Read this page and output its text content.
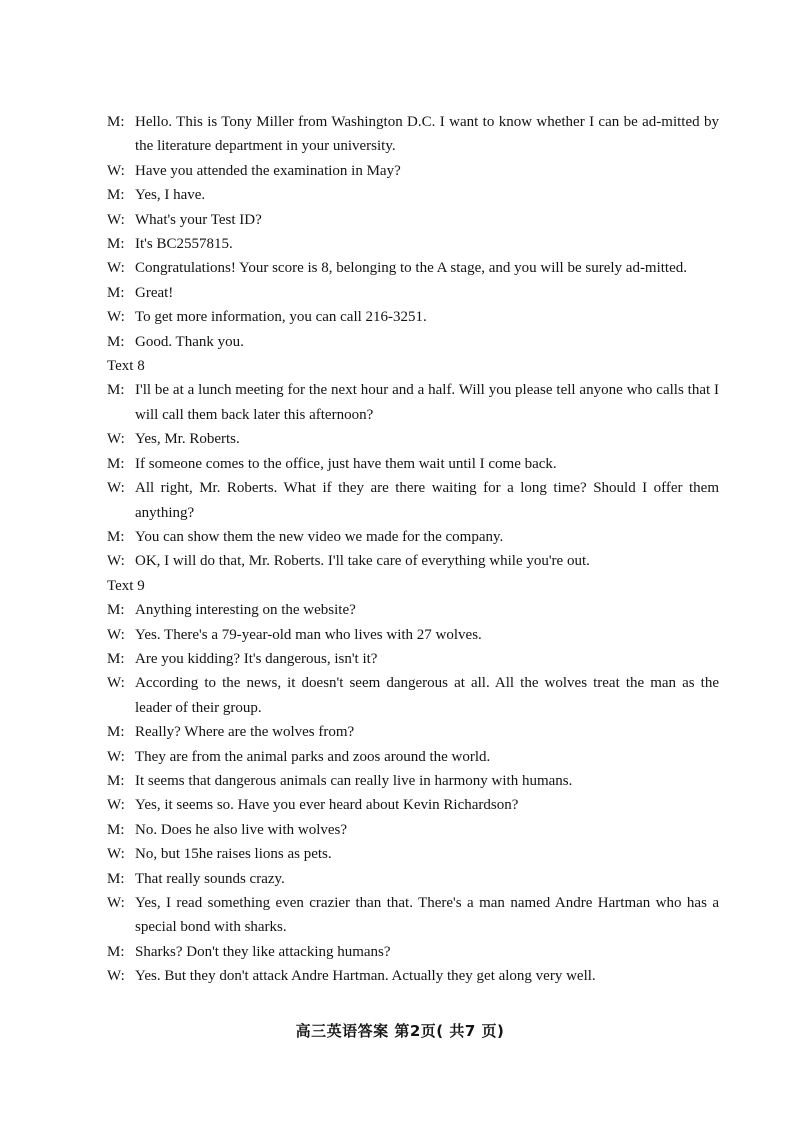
M: Hello. This is Tony Miller from Washington D.C. I want to know whether I can be ad-mitted by the literature department in your university.
W: Have you attended the examination in May?
M: Yes, I have.
W: What's your Test ID?
M: It's BC2557815.
W: Congratulations! Your score is 8, belonging to the A stage, and you will be surely ad-mitted.
M: Great!
W: To get more information, you can call 216-3251.
M: Good. Thank you.
Text 8
M: I'll be at a lunch meeting for the next hour and a half. Will you please tell anyone who calls that I will call them back later this afternoon?
W: Yes, Mr. Roberts.
M: If someone comes to the office, just have them wait until I come back.
W: All right, Mr. Roberts. What if they are there waiting for a long time? Should I offer them anything?
M: You can show them the new video we made for the company.
W: OK, I will do that, Mr. Roberts. I'll take care of everything while you're out.
Text 9
M: Anything interesting on the website?
W: Yes. There's a 79-year-old man who lives with 27 wolves.
M: Are you kidding? It's dangerous, isn't it?
W: According to the news, it doesn't seem dangerous at all. All the wolves treat the man as the leader of their group.
M: Really? Where are the wolves from?
W: They are from the animal parks and zoos around the world.
M: It seems that dangerous animals can really live in harmony with humans.
W: Yes, it seems so. Have you ever heard about Kevin Richardson?
M: No. Does he also live with wolves?
W: No, but 15he raises lions as pets.
M: That really sounds crazy.
W: Yes, I read something even crazier than that. There's a man named Andre Hartman who has a special bond with sharks.
M: Sharks? Don't they like attacking humans?
W: Yes. But they don't attack Andre Hartman. Actually they get along very well.
高三英语答案 第2页( 共7 页)
